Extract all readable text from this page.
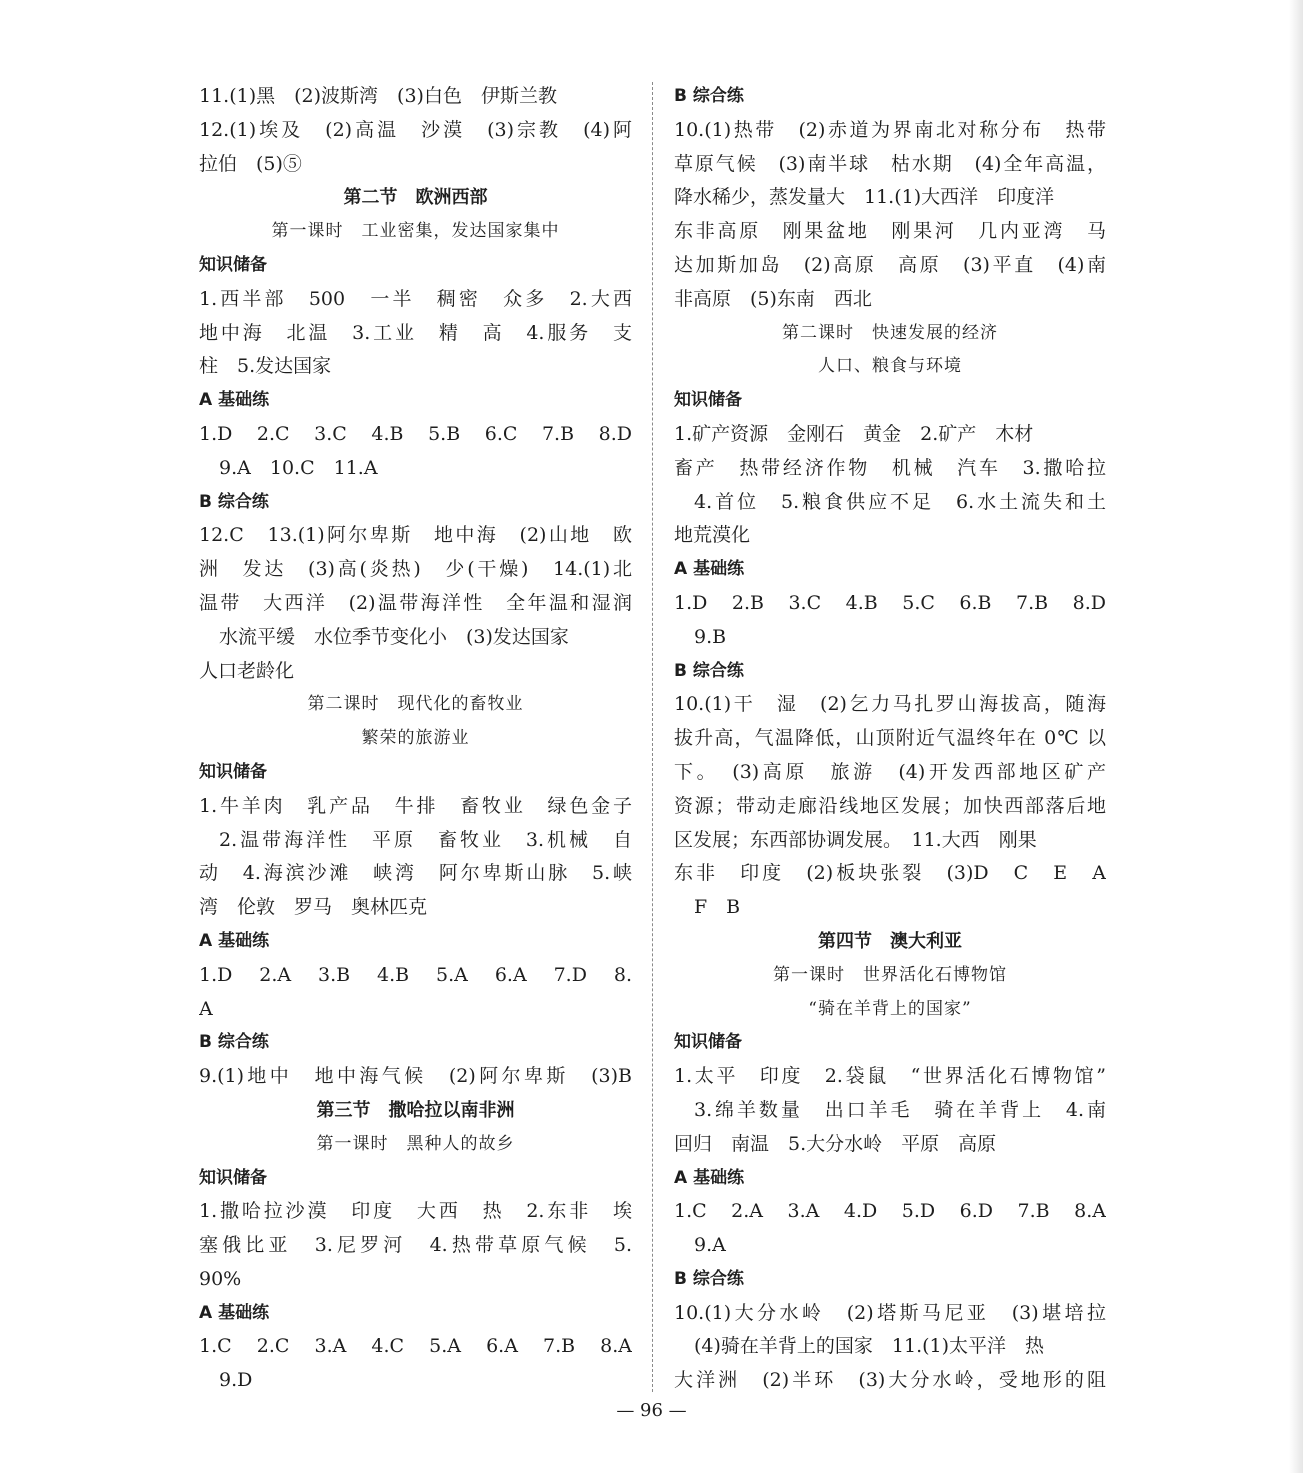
11.(1)黑　(2)波斯湾　(3)白色　伊斯兰教
12.(1)埃及　(2)高温　沙漠　(3)宗教　(4)阿
拉伯　(5)⑤
第二节　欧洲西部
第一课时　工业密集，发达国家集中
知识储备
1.西半部　500　一半　稠密　众多　2.大西
地中海　北温　3.工业　精　高　4.服务　支
柱　5.发达国家
A 基础练
1.D　2.C　3.C　4.B　5.B　6.C　7.B　8.D
9.A　10.C　11.A
B 综合练
12.C　13.(1)阿尔卑斯　地中海　(2)山地　欧
洲　发达　(3)高(炎热)　少(干燥)　14.(1)北
温带　大西洋　(2)温带海洋性　全年温和湿润
水流平缓　水位季节变化小　(3)发达国家
人口老龄化
第二课时　现代化的畜牧业
繁荣的旅游业
知识储备
1.牛羊肉　乳产品　牛排　畜牧业　绿色金子
2.温带海洋性　平原　畜牧业　3.机械　自
动　4.海滨沙滩　峡湾　阿尔卑斯山脉　5.峡
湾　伦敦　罗马　奥林匹克
A 基础练
1.D　2.A　3.B　4.B　5.A　6.A　7.D　8.
A
B 综合练
9.(1)地中　地中海气候　(2)阿尔卑斯　(3)B
第三节　撒哈拉以南非洲
第一课时　黑种人的故乡
知识储备
1.撒哈拉沙漠　印度　大西　热　2.东非　埃
塞俄比亚　3.尼罗河　4.热带草原气候　5.
90%
A 基础练
1.C　2.C　3.A　4.C　5.A　6.A　7.B　8.A
9.D
B 综合练
10.(1)热带　(2)赤道为界南北对称分布　热带
草原气候　(3)南半球　枯水期　(4)全年高温，
降水稀少，蒸发量大　11.(1)大西洋　印度洋
东非高原　刚果盆地　刚果河　几内亚湾　马
达加斯加岛　(2)高原　高原　(3)平直　(4)南
非高原　(5)东南　西北
第二课时　快速发展的经济
人口、粮食与环境
知识储备
1.矿产资源　金刚石　黄金　2.矿产　木材
畜产　热带经济作物　机械　汽车　3.撒哈拉
4.首位　5.粮食供应不足　6.水土流失和土
地荒漠化
A 基础练
1.D　2.B　3.C　4.B　5.C　6.B　7.B　8.D
9.B
B 综合练
10.(1)干　湿　(2)乞力马扎罗山海拔高，随海
拔升高，气温降低，山顶附近气温终年在 0℃ 以
下。　(3)高原　旅游　(4)开发西部地区矿产
资源；带动走廊沿线地区发展；加快西部落后地
区发展；东西部协调发展。　11.大西　刚果
东非　印度　(2)板块张裂　(3)D　C　E　A
F　B
第四节　澳大利亚
第一课时　世界活化石博物馆
“骑在羊背上的国家”
知识储备
1.太平　印度　2.袋鼠　“世界活化石博物馆”
3.绵羊数量　出口羊毛　骑在羊背上　4.南
回归　南温　5.大分水岭　平原　高原
A 基础练
1.C　2.A　3.A　4.D　5.D　6.D　7.B　8.A
9.A
B 综合练
10.(1)大分水岭　(2)塔斯马尼亚　(3)堪培拉
(4)骑在羊背上的国家　11.(1)太平洋　热
大洋洲　(2)半环　(3)大分水岭，受地形的阻
— 96 —
